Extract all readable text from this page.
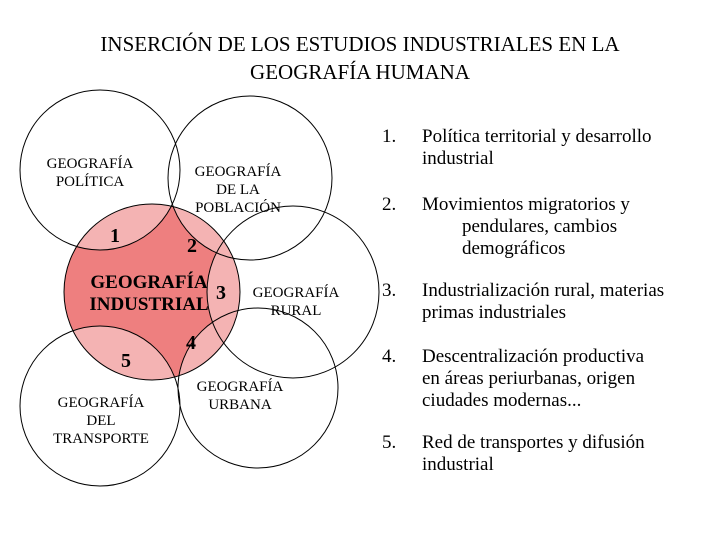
INSERCIÓN DE LOS ESTUDIOS INDUSTRIALES EN LA
GEOGRAFÍA HUMANA
GEOGRAFÍA
POLÍTICA
GEOGRAFÍA
DE LA
POBLACIÓN
GEOGRAFÍA
INDUSTRIAL
GEOGRAFÍA
RURAL
GEOGRAFÍA
URBANA
GEOGRAFÍA
DEL
TRANSPORTE
1	2
3
4
5
1. Política territorial y desarrollo
industrial
2. Movimientos migratorios y
pendulares, cambios
demográficos
3. Industrialización rural, materias
primas industriales
4. Descentralización productiva
en áreas periurbanas, origen
ciudades modernas...
5. Red de transportes y difusión
industrial
